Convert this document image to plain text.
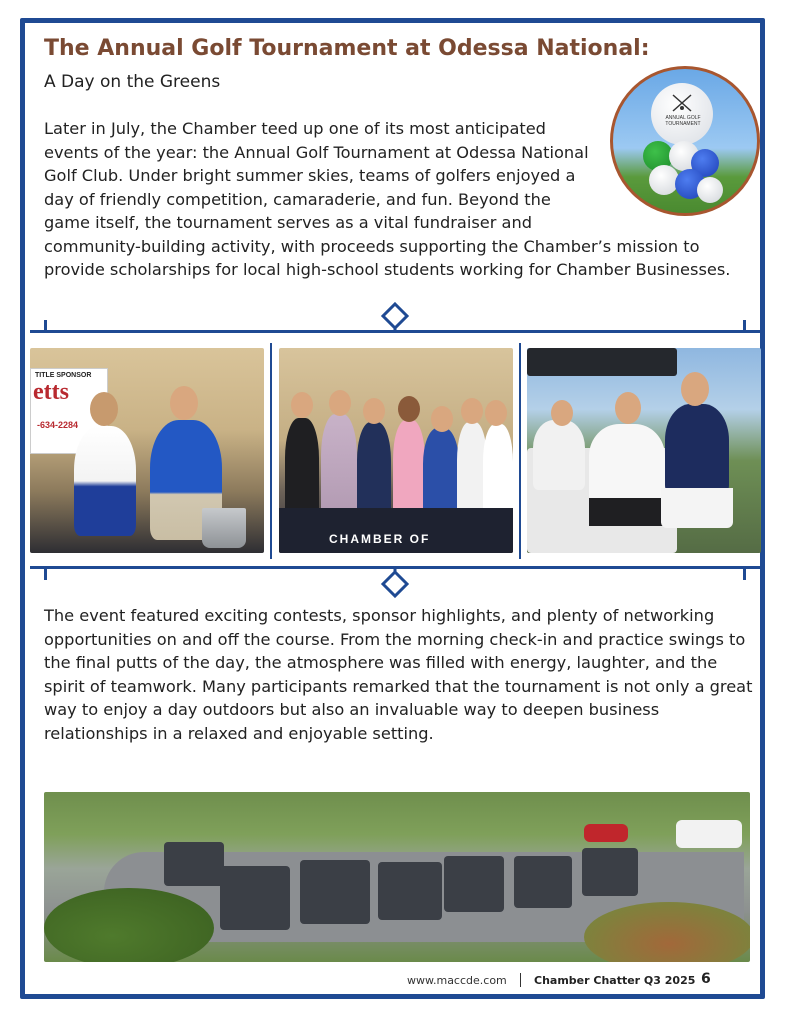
The Annual Golf Tournament at Odessa National:

A Day on the Greens

Later in July, the Chamber teed up one of its most anticipated events of the year: the Annual Golf Tournament at Odessa National Golf Club. Under bright summer skies, teams of golfers enjoyed a day of friendly competition, camaraderie, and fun. Beyond the game itself, the tournament serves as a vital fundraiser and community-building activity, with proceeds supporting the Chamber’s mission to provide scholarships for local high-school students working for Chamber Businesses.
ANNUAL GOLF TOURNAMENT
TITLE SPONSOR
etts
-634-2284
CHAMBER OF

The event featured exciting contests, sponsor highlights, and plenty of networking opportunities on and off the course. From the morning check-in and practice swings to the final putts of the day, the atmosphere was filled with energy, laughter, and the spirit of teamwork. Many participants remarked that the tournament is not only a great way to enjoy a day outdoors but also an invaluable way to deepen business relationships in a relaxed and enjoyable setting.

www.maccde.com Chamber Chatter Q3 2025 6
